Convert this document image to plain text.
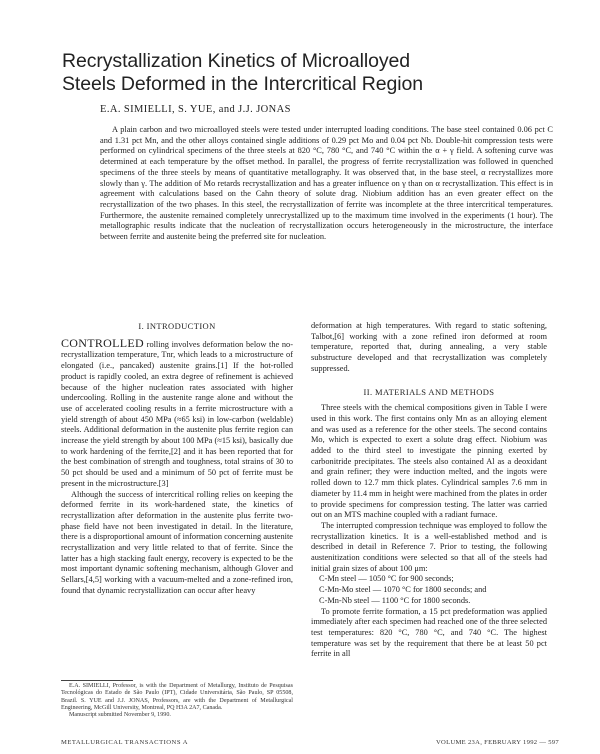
Recrystallization Kinetics of Microalloyed
Steels Deformed in the Intercritical Region
E.A. SIMIELLI, S. YUE, and J.J. JONAS

A plain carbon and two microalloyed steels were tested under interrupted loading conditions. The base steel contained 0.06 pct C and 1.31 pct Mn, and the other alloys contained single additions of 0.29 pct Mo and 0.04 pct Nb. Double-hit compression tests were performed on cylindrical specimens of the three steels at 820 °C, 780 °C, and 740 °C within the α + γ field. A softening curve was determined at each temperature by the offset method. In parallel, the progress of ferrite recrystallization was followed in quenched specimens of the three steels by means of quantitative metallography. It was observed that, in the base steel, α recrystallizes more slowly than γ. The addition of Mo retards recrystallization and has a greater influence on γ than on α recrystallization. This effect is in agreement with calculations based on the Cahn theory of solute drag. Niobium addition has an even greater effect on the recrystallization of the two phases. In this steel, the recrystallization of ferrite was incomplete at the three intercritical temperatures. Furthermore, the austenite remained completely unrecrystallized up to the maximum time involved in the experiments (1 hour). The metallographic results indicate that the nucleation of recrystallization occurs heterogeneously in the microstructure, the interface between ferrite and austenite being the preferred site for nucleation.

I. INTRODUCTION

CONTROLLED rolling involves deformation below the no-recrystallization temperature, Tnr, which leads to a microstructure of elongated (i.e., pancaked) austenite grains.[1] If the hot-rolled product is rapidly cooled, an extra degree of refinement is achieved because of the higher nucleation rates associated with higher undercooling. Rolling in the austenite range alone and without the use of accelerated cooling results in a ferrite microstructure with a yield strength of about 450 MPa (≈65 ksi) in low-carbon (weldable) steels. Additional deformation in the austenite plus ferrite region can increase the yield strength by about 100 MPa (≈15 ksi), basically due to work hardening of the ferrite,[2] and it has been reported that for the best combination of strength and toughness, total strains of 30 to 50 pct should be used and a minimum of 50 pct of ferrite must be present in the microstructure.[3]

Although the success of intercritical rolling relies on keeping the deformed ferrite in its work-hardened state, the kinetics of recrystallization after deformation in the austenite plus ferrite two-phase field have not been investigated in detail. In the literature, there is a disproportional amount of information concerning austenite recrystallization and very little related to that of ferrite. Since the latter has a high stacking fault energy, recovery is expected to be the most important dynamic softening mechanism, although Glover and Sellars,[4,5] working with a vacuum-melted and a zone-refined iron, found that dynamic recrystallization can occur after heavy

deformation at high temperatures. With regard to static softening, Talbot,[6] working with a zone refined iron deformed at room temperature, reported that, during annealing, a very stable substructure developed and that recrystallization was completely suppressed.

II. MATERIALS AND METHODS

Three steels with the chemical compositions given in Table I were used in this work. The first contains only Mn as an alloying element and was used as a reference for the other steels. The second contains Mo, which is expected to exert a solute drag effect. Niobium was added to the third steel to investigate the pinning exerted by carbonitride precipitates. The steels also contained Al as a deoxidant and grain refiner; they were induction melted, and the ingots were rolled down to 12.7 mm thick plates. Cylindrical samples 7.6 mm in diameter by 11.4 mm in height were machined from the plates in order to provide specimens for compression testing. The latter was carried out on an MTS machine coupled with a radiant furnace.

The interrupted compression technique was employed to follow the recrystallization kinetics. It is a well-established method and is described in detail in Reference 7. Prior to testing, the following austenitization conditions were selected so that all of the steels had initial grain sizes of about 100 μm:

C-Mn steel — 1050 °C for 900 seconds;

C-Mn-Mo steel — 1070 °C for 1800 seconds; and

C-Mn-Nb steel — 1100 °C for 1800 seconds.

To promote ferrite formation, a 15 pct predeformation was applied immediately after each specimen had reached one of the three selected test temperatures: 820 °C, 780 °C, and 740 °C. The highest temperature was set by the requirement that there be at least 50 pct ferrite in all

E.A. SIMIELLI, Professor, is with the Department of Metallurgy, Instituto de Pesquisas Tecnológicas do Estado de São Paulo (IPT), Cidade Universitária, São Paulo, SP 05508, Brazil. S. YUE and J.J. JONAS, Professors, are with the Department of Metallurgical Engineering, McGill University, Montreal, PQ H3A 2A7, Canada.

Manuscript submitted November 9, 1990.

METALLURGICAL TRANSACTIONS A	VOLUME 23A, FEBRUARY 1992 — 597
